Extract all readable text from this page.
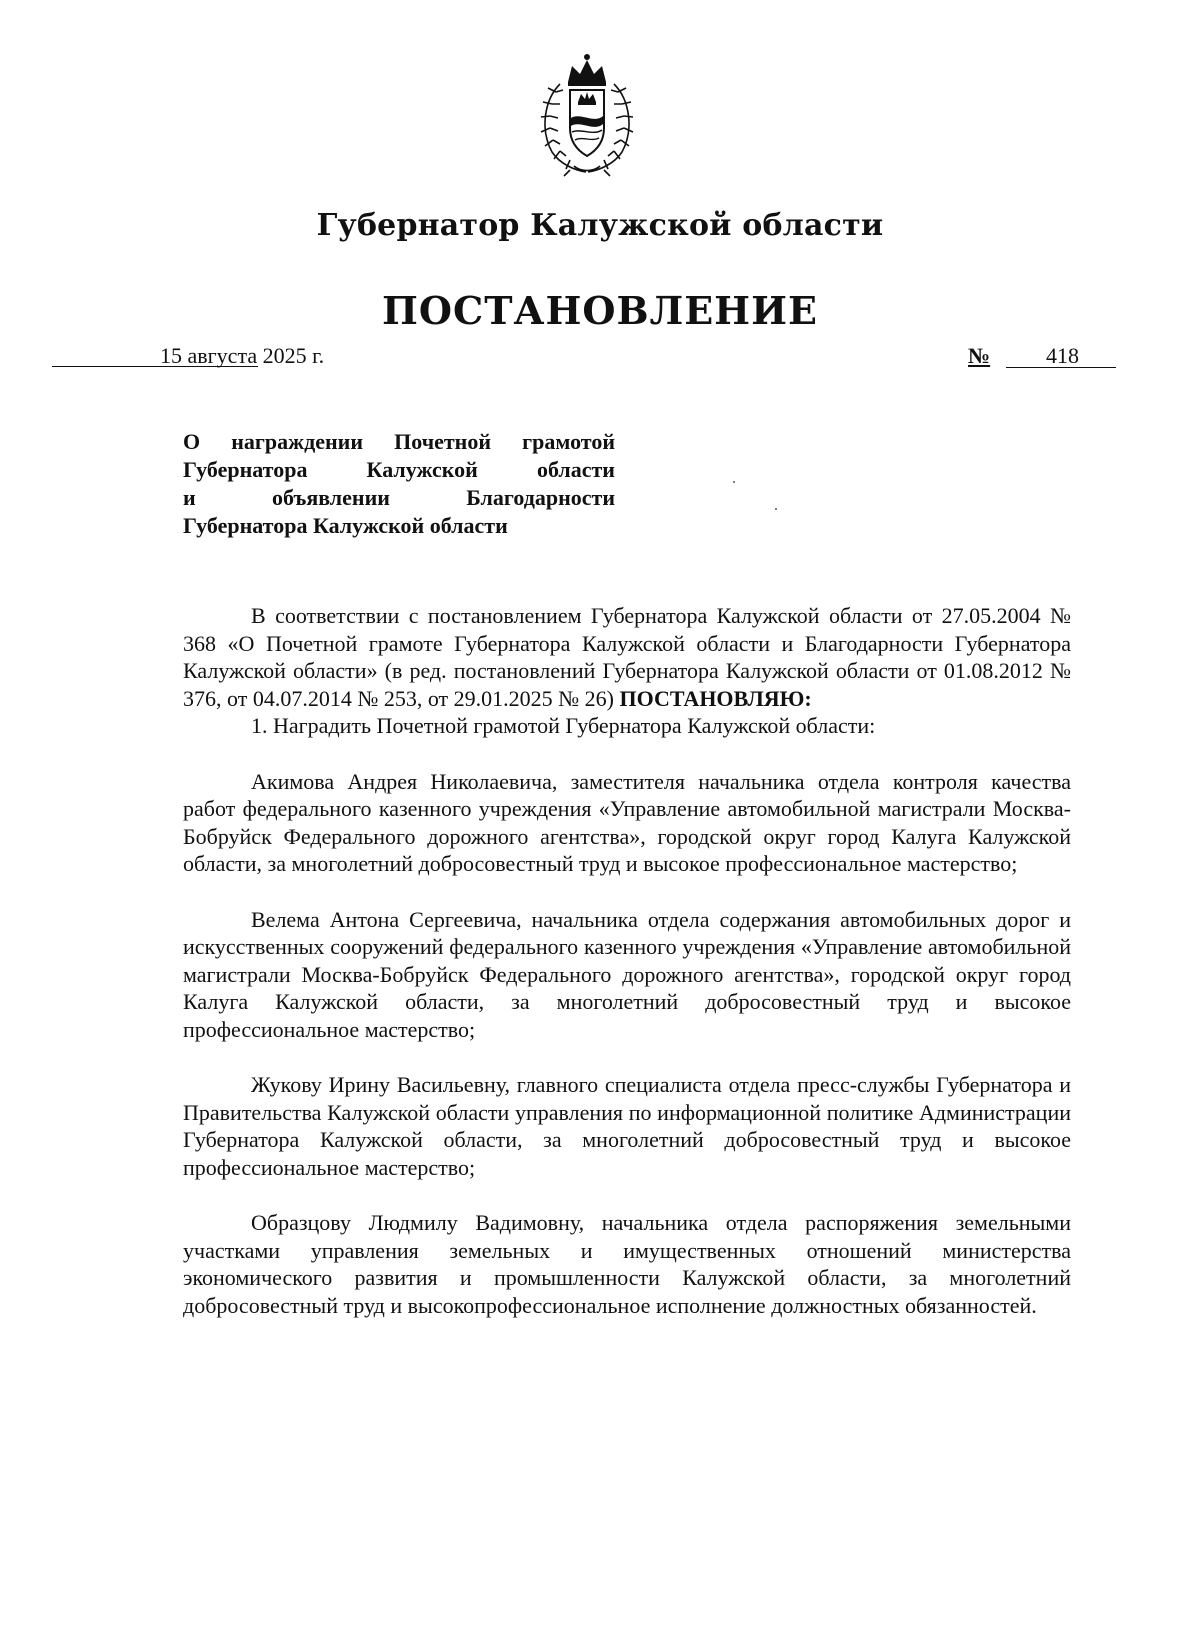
Губернатор Калужской области
ПОСТАНОВЛЕНИЕ
15 августа 2025 г.	№	418
О награждении Почетной грамотой
Губернатора Калужской области
и объявлении Благодарности
Губернатора Калужской области

В соответствии с постановлением Губернатора Калужской области от 27.05.2004 № 368 «О Почетной грамоте Губернатора Калужской области и Благодарности Губернатора Калужской области» (в ред. постановлений Губернатора Калужской области от 01.08.2012 № 376, от 04.07.2014 № 253, от 29.01.2025 № 26) ПОСТАНОВЛЯЮ:

1. Наградить Почетной грамотой Губернатора Калужской области:

Акимова Андрея Николаевича, заместителя начальника отдела контроля качества работ федерального казенного учреждения «Управление автомобильной магистрали Москва-Бобруйск Федерального дорожного агентства», городской округ город Калуга Калужской области, за многолетний добросовестный труд и высокое профессиональное мастерство;

Велема Антона Сергеевича, начальника отдела содержания автомобильных дорог и искусственных сооружений федерального казенного учреждения «Управление автомобильной магистрали Москва-Бобруйск Федерального дорожного агентства», городской округ город Калуга Калужской области, за многолетний добросовестный труд и высокое профессиональное мастерство;

Жукову Ирину Васильевну, главного специалиста отдела пресс-службы Губернатора и Правительства Калужской области управления по информационной политике Администрации Губернатора Калужской области, за многолетний добросовестный труд и высокое профессиональное мастерство;

Образцову Людмилу Вадимовну, начальника отдела распоряжения земельными участками управления земельных и имущественных отношений министерства экономического развития и промышленности Калужской области, за многолетний добросовестный труд и высокопрофессиональное исполнение должностных обязанностей.
